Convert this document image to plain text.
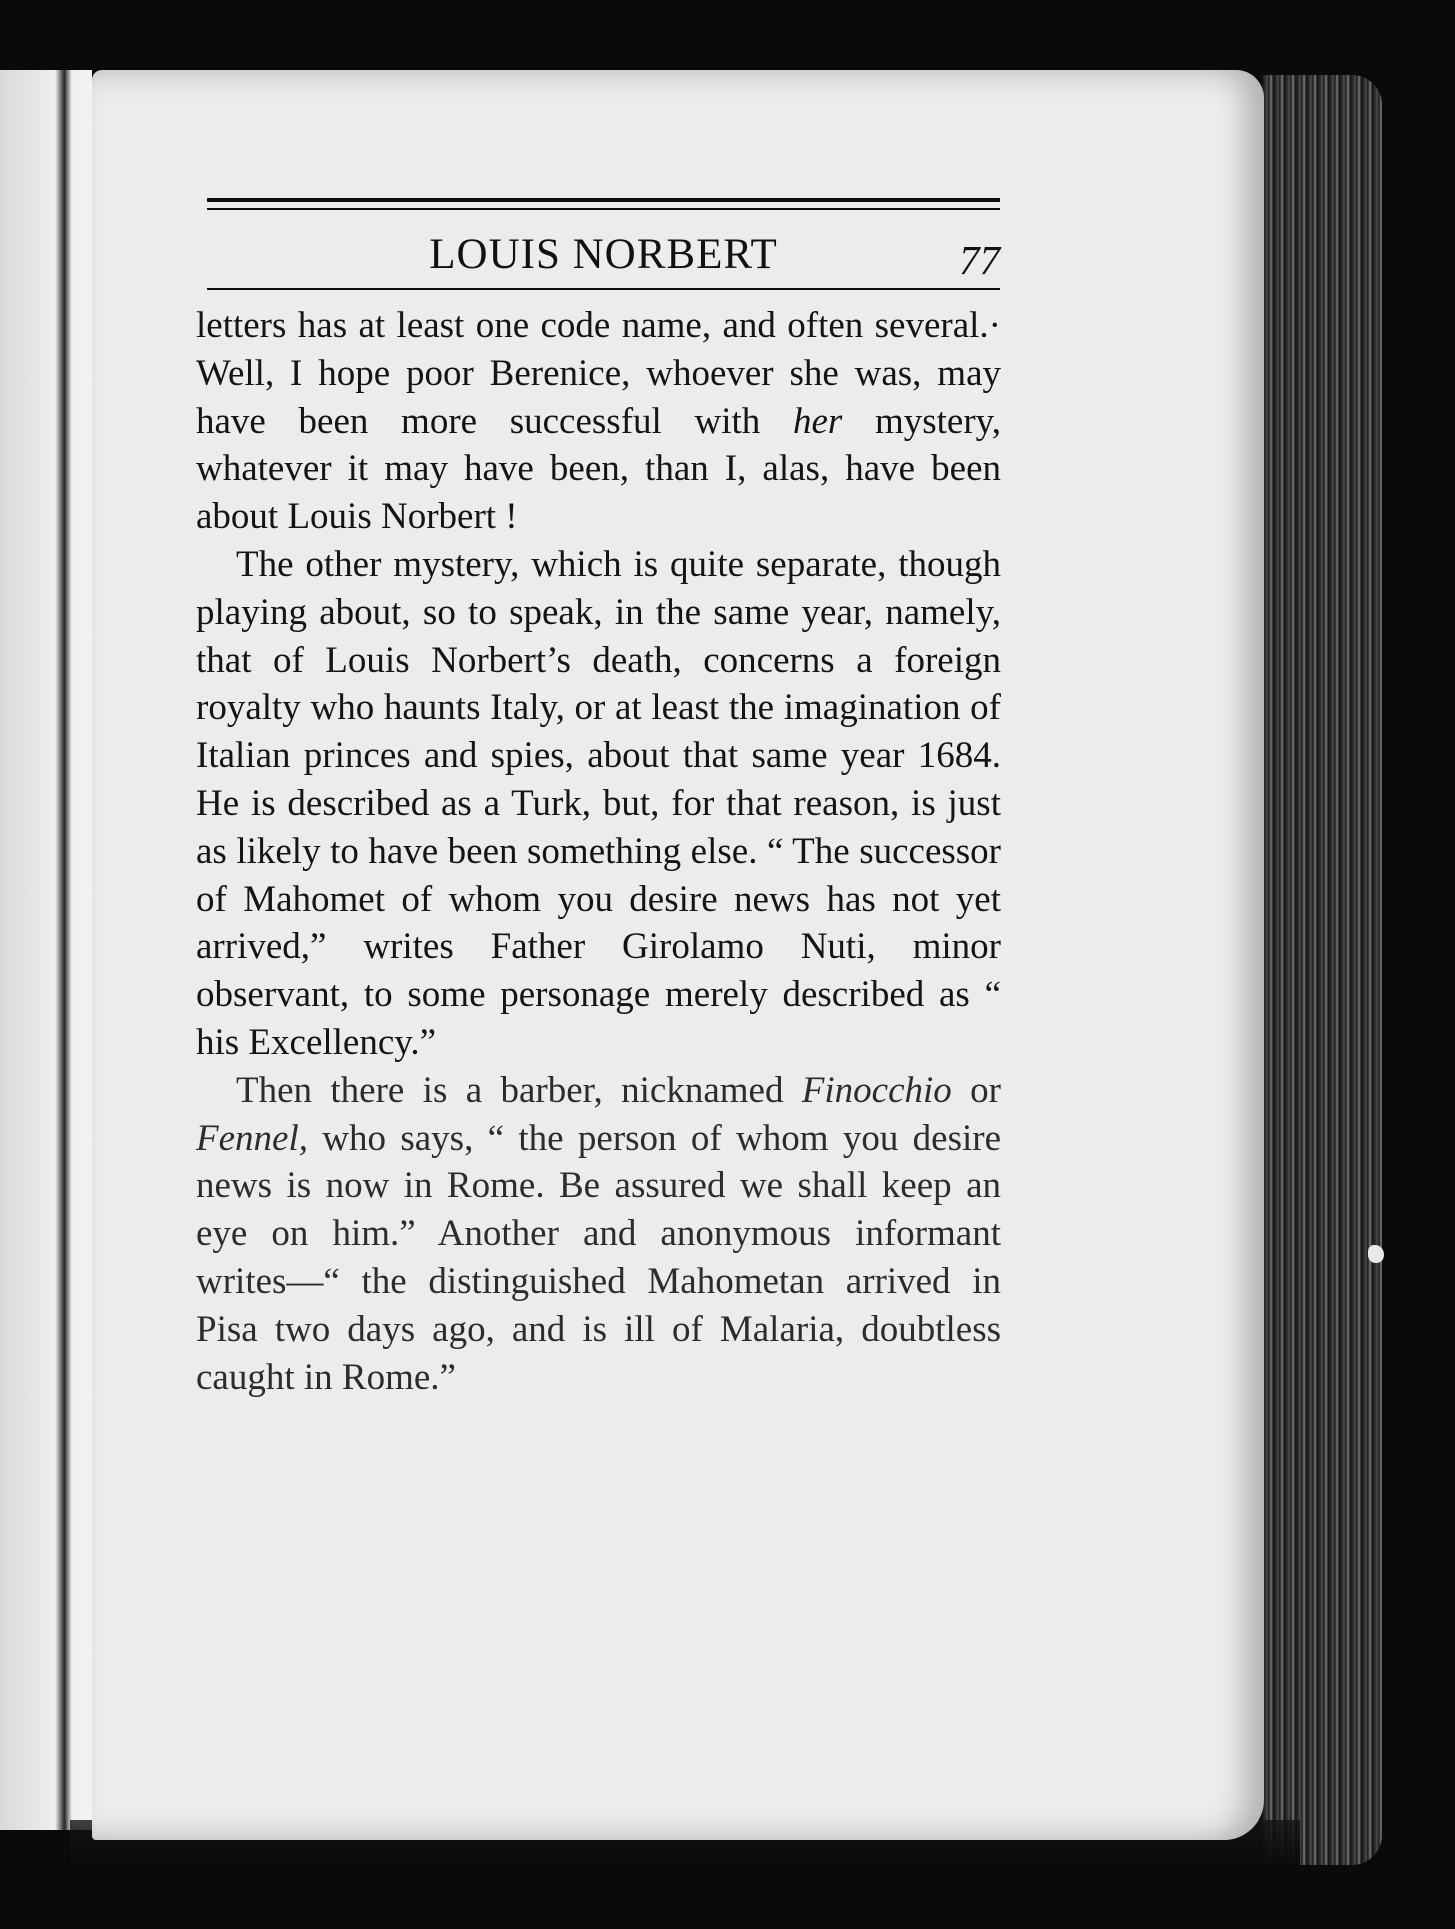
LOUIS NORBERT	77

letters has at least one code name, and often several.· Well, I hope poor Berenice, whoever she was, may have been more successful with her mystery, whatever it may have been, than I, alas, have been about Louis Norbert !

The other mystery, which is quite separate, though playing about, so to speak, in the same year, namely, that of Louis Norbert’s death, concerns a foreign royalty who haunts Italy, or at least the imagination of Italian princes and spies, about that same year 1684. He is described as a Turk, but, for that reason, is just as likely to have been something else. “ The successor of Mahomet of whom you desire news has not yet arrived,” writes Father Girolamo Nuti, minor observant, to some personage merely described as “ his Excellency.”

Then there is a barber, nicknamed Finocchio or Fennel, who says, “ the person of whom you desire news is now in Rome. Be assured we shall keep an eye on him.” Another and anonymous informant writes—“ the distinguished Mahometan arrived in Pisa two days ago, and is ill of Malaria, doubtless caught in Rome.”
